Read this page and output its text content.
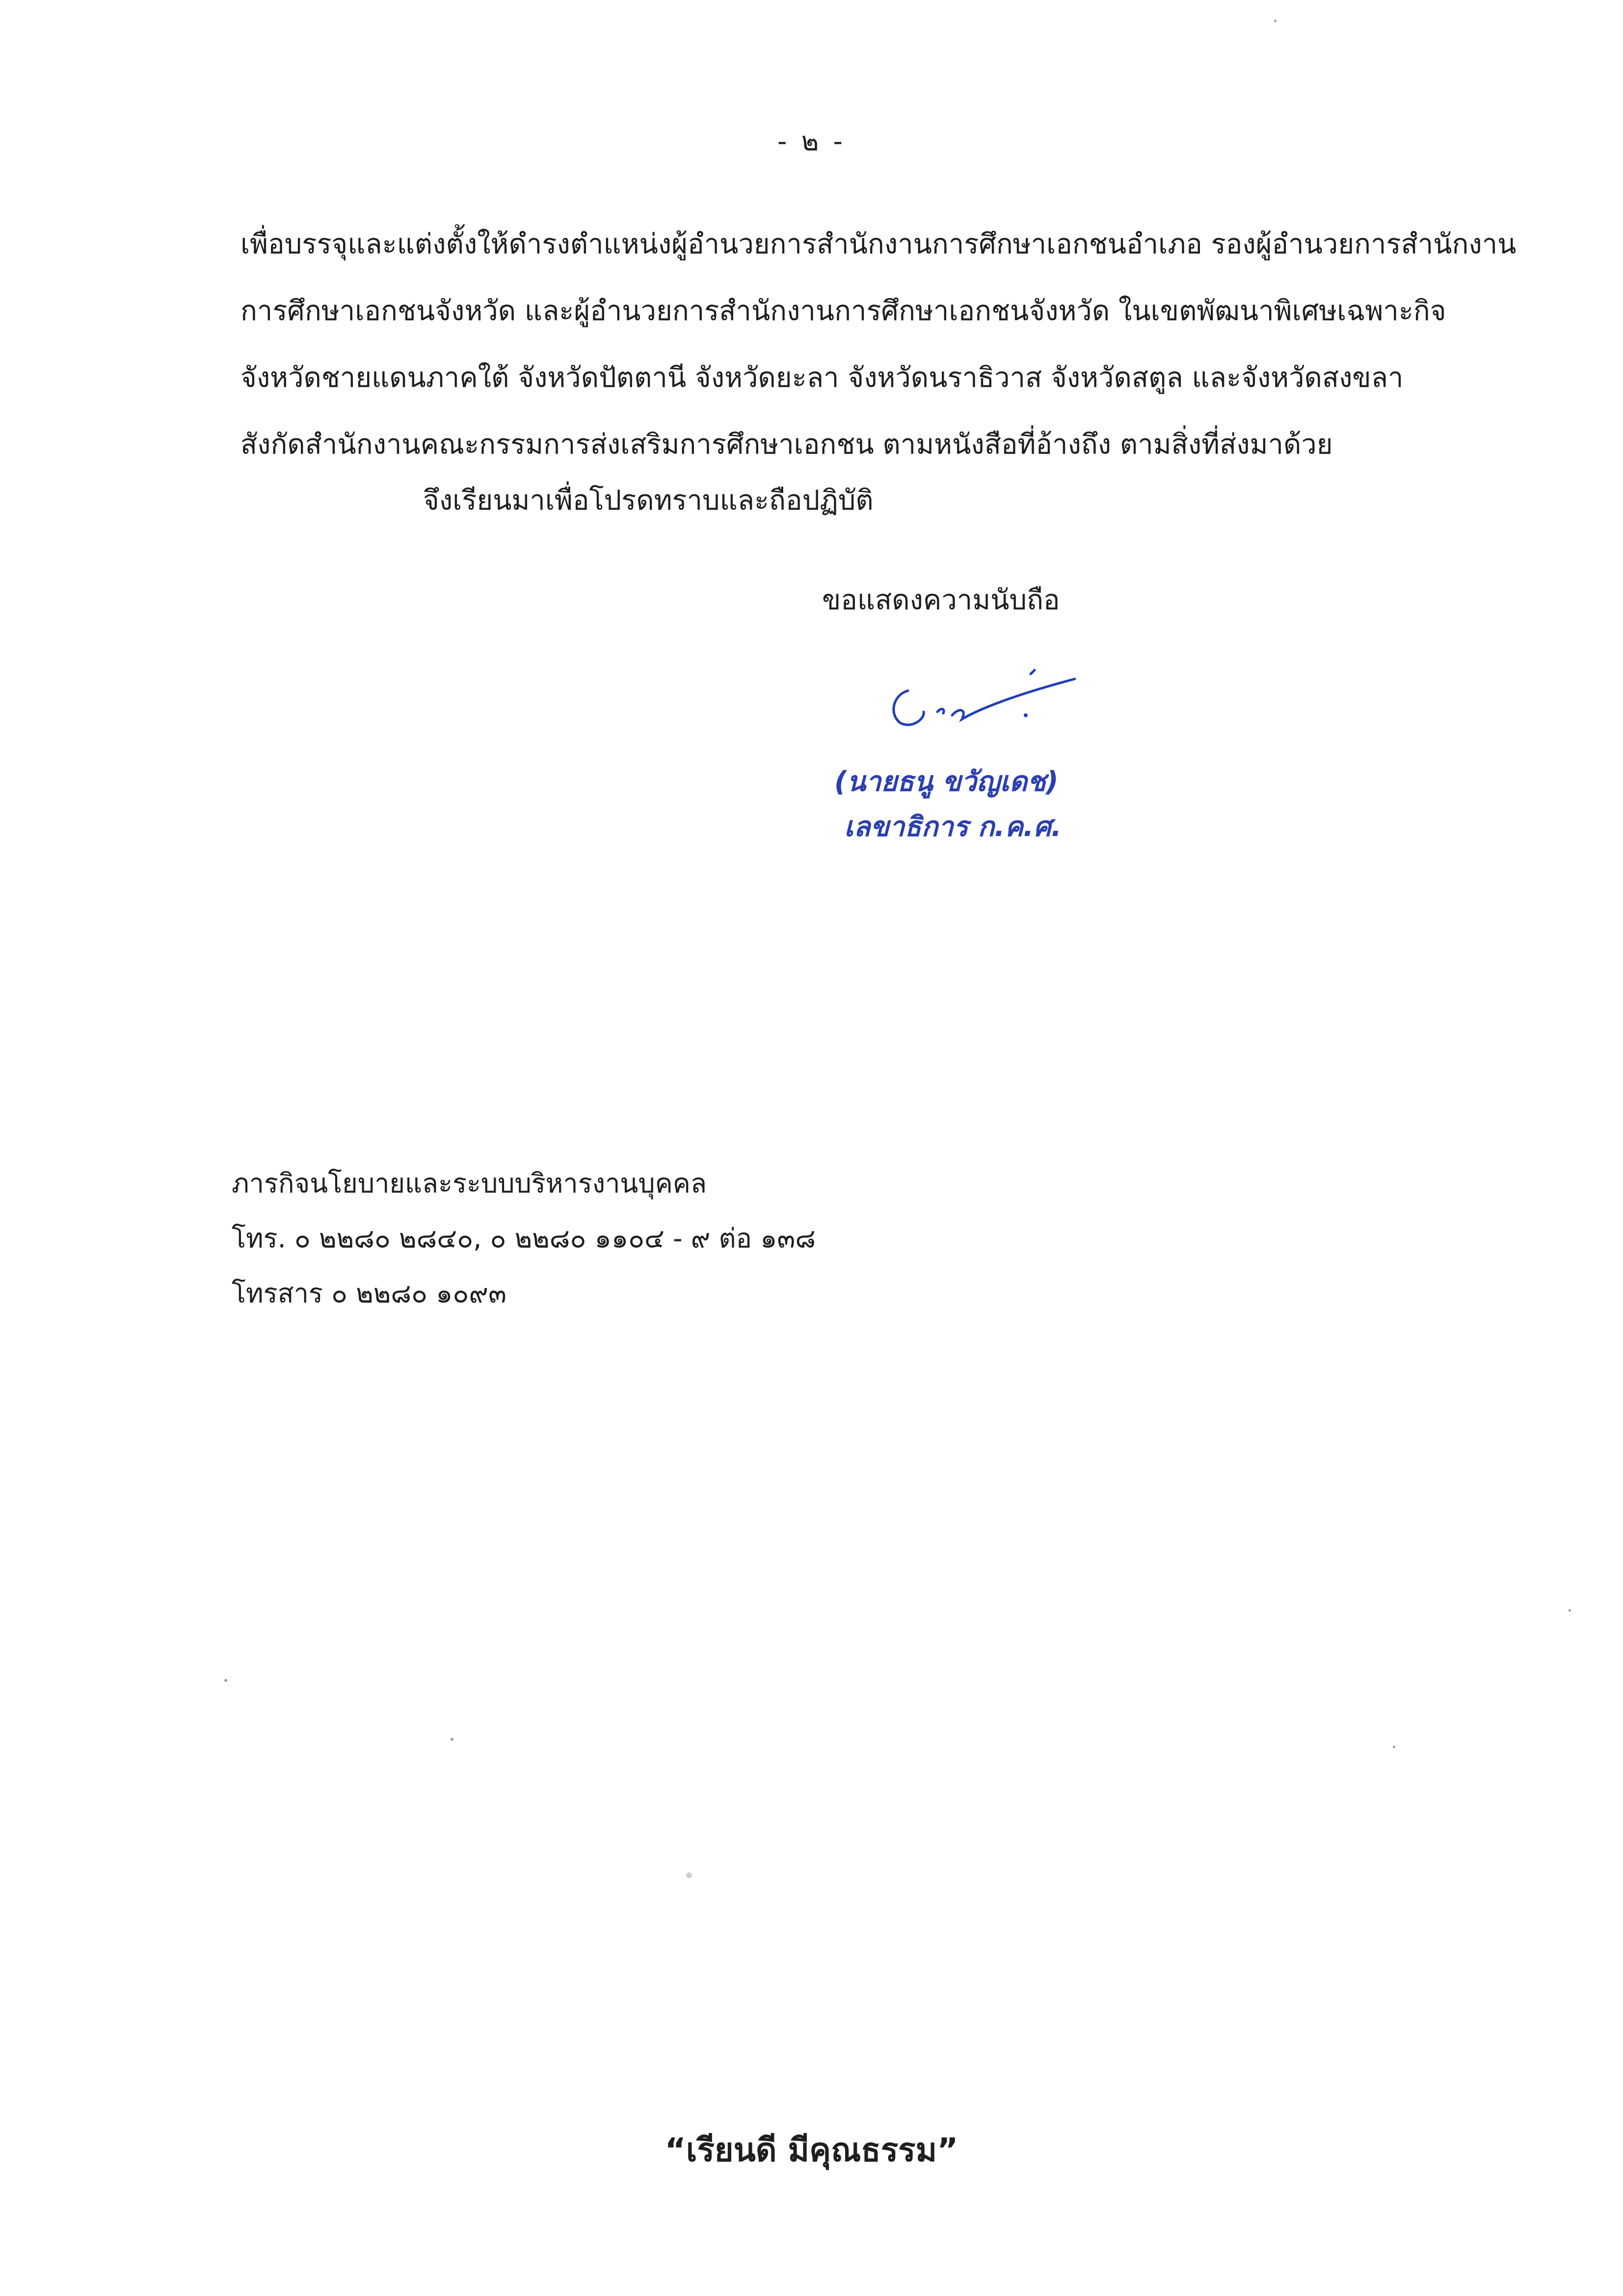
- ๒ -
เพื่อบรรจุและแต่งตั้งให้ดำรงตำแหน่งผู้อำนวยการสำนักงานการศึกษาเอกชนอำเภอ รองผู้อำนวยการสำนักงาน
การศึกษาเอกชนจังหวัด และผู้อำนวยการสำนักงานการศึกษาเอกชนจังหวัด ในเขตพัฒนาพิเศษเฉพาะกิจ
จังหวัดชายแดนภาคใต้ จังหวัดปัตตานี จังหวัดยะลา จังหวัดนราธิวาส จังหวัดสตูล และจังหวัดสงขลา
สังกัดสำนักงานคณะกรรมการส่งเสริมการศึกษาเอกชน ตามหนังสือที่อ้างถึง ตามสิ่งที่ส่งมาด้วย
จึงเรียนมาเพื่อโปรดทราบและถือปฏิบัติ
ขอแสดงความนับถือ
(นายธนู ขวัญเดช)
เลขาธิการ ก.ค.ศ.
ภารกิจนโยบายและระบบบริหารงานบุคคล
โทร. ๐ ๒๒๘๐ ๒๘๔๐, ๐ ๒๒๘๐ ๑๑๐๔ - ๙ ต่อ ๑๓๘
โทรสาร ๐ ๒๒๘๐ ๑๐๙๓
“เรียนดี มีคุณธรรม”
